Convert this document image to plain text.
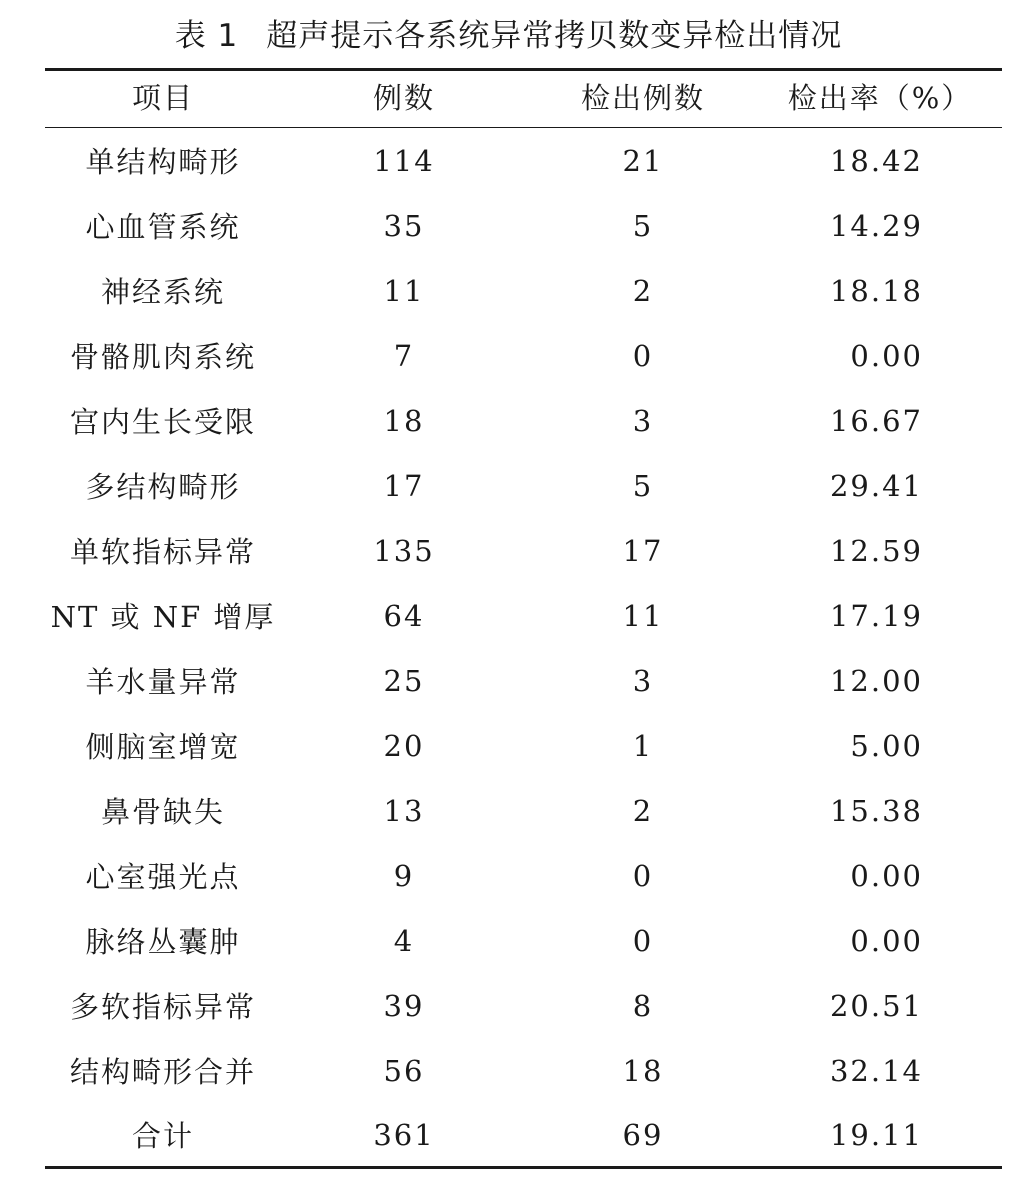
表 1 超声提示各系统异常拷贝数变异检出情况
项目	例数	检出例数	检出率（%）
单结构畸形	114	21	18.42
心血管系统	35	5	14.29
神经系统	11	2	18.18
骨骼肌肉系统	7	0	0.00
宫内生长受限	18	3	16.67
多结构畸形	17	5	29.41
单软指标异常	135	17	12.59
NT 或 NF 增厚	64	11	17.19
羊水量异常	25	3	12.00
侧脑室增宽	20	1	5.00
鼻骨缺失	13	2	15.38
心室强光点	9	0	0.00
脉络丛囊肿	4	0	0.00
多软指标异常	39	8	20.51
结构畸形合并	56	18	32.14
合计	361	69	19.11
